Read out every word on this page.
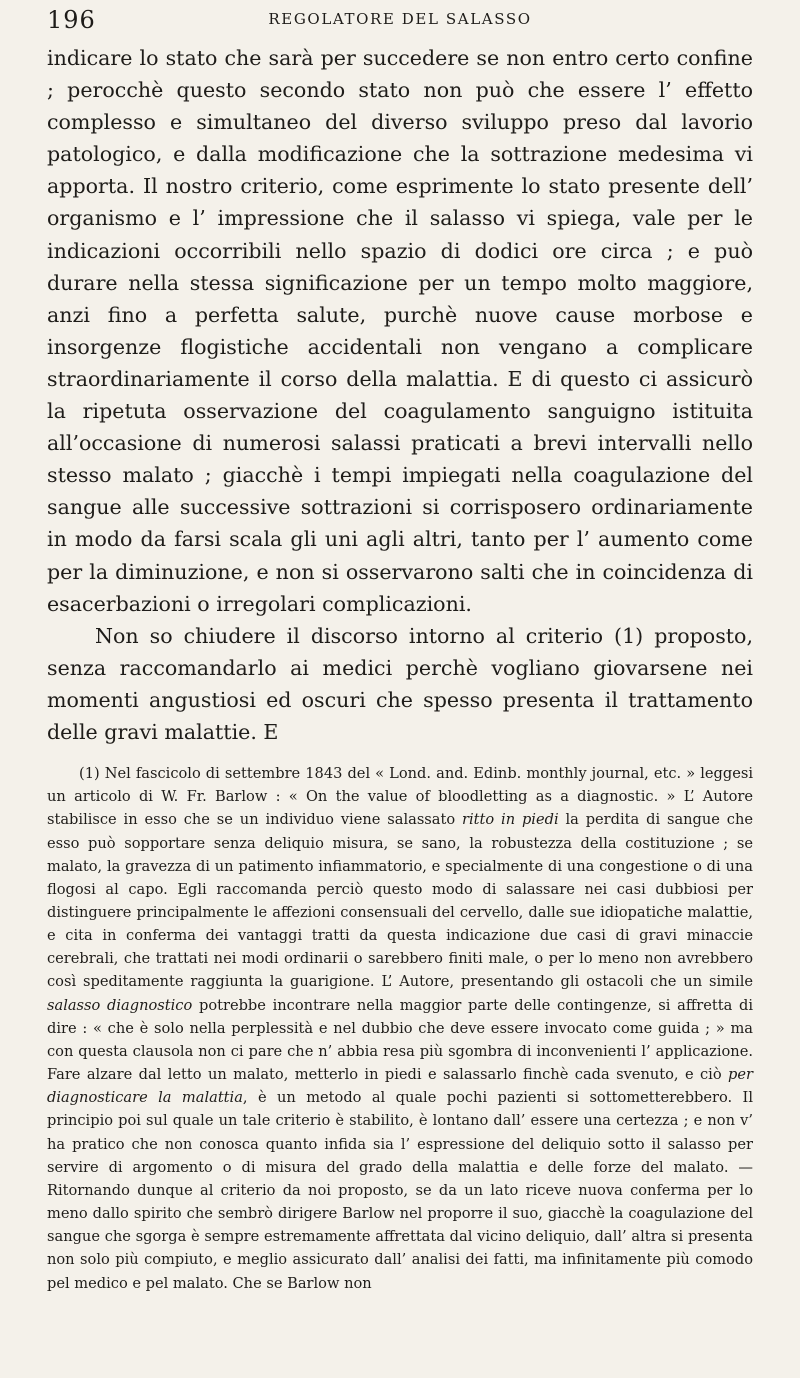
196	REGOLATORE DEL SALASSO

indicare lo stato che sarà per succedere se non entro certo confine ; perocchè questo secondo stato non può che essere l’ effetto complesso e simultaneo del diverso sviluppo preso dal lavorio patologico, e dalla modificazione che la sottrazione medesima vi apporta. Il nostro criterio, come esprimente lo stato presente dell’ organismo e l’ impressione che il salasso vi spiega, vale per le indicazioni occorribili nello spazio di dodici ore circa ; e può durare nella stessa significazione per un tempo molto maggiore, anzi fino a perfetta salute, purchè nuove cause morbose e insorgenze flogistiche accidentali non vengano a complicare straordinariamente il corso della malattia. E di questo ci assicurò la ripetuta osservazione del coagulamento sanguigno istituita all’occasione di numerosi salassi praticati a brevi intervalli nello stesso malato ; giacchè i tempi impiegati nella coagulazione del sangue alle successive sottrazioni si corrisposero ordinariamente in modo da farsi scala gli uni agli altri, tanto per l’ aumento come per la diminuzione, e non si osservarono salti che in coincidenza di esacerbazioni o irregolari complicazioni.

Non so chiudere il discorso intorno al criterio (1) proposto, senza raccomandarlo ai medici perchè vogliano giovarsene nei momenti angustiosi ed oscuri che spesso presenta il trattamento delle gravi malattie. E

(1) Nel fascicolo di settembre 1843 del « Lond. and. Edinb. monthly journal, etc. » leggesi un articolo di W. Fr. Barlow : « On the value of bloodletting as a diagnostic. » L’ Autore stabilisce in esso che se un individuo viene salassato ritto in piedi la perdita di sangue che esso può sopportare senza deliquio misura, se sano, la robustezza della costituzione ; se malato, la gravezza di un patimento infiammatorio, e specialmente di una congestione o di una flogosi al capo. Egli raccomanda perciò questo modo di salassare nei casi dubbiosi per distinguere principalmente le affezioni consensuali del cervello, dalle sue idiopatiche malattie, e cita in conferma dei vantaggi tratti da questa indicazione due casi di gravi minaccie cerebrali, che trattati nei modi ordinarii o sarebbero finiti male, o per lo meno non avrebbero così speditamente raggiunta la guarigione. L’ Autore, presentando gli ostacoli che un simile salasso diagnostico potrebbe incontrare nella maggior parte delle contingenze, si affretta di dire : « che è solo nella perplessità e nel dubbio che deve essere invocato come guida ; » ma con questa clausola non ci pare che n’ abbia resa più sgombra di inconvenienti l’ applicazione. Fare alzare dal letto un malato, metterlo in piedi e salassarlo finchè cada svenuto, e ciò per diagnosticare la malattia, è un metodo al quale pochi pazienti si sottometterebbero. Il principio poi sul quale un tale criterio è stabilito, è lontano dall’ essere una certezza ; e non v’ ha pratico che non conosca quanto infida sia l’ espressione del deliquio sotto il salasso per servire di argomento o di misura del grado della malattia e delle forze del malato. — Ritornando dunque al criterio da noi proposto, se da un lato riceve nuova conferma per lo meno dallo spirito che sembrò dirigere Barlow nel proporre il suo, giacchè la coagulazione del sangue che sgorga è sempre estremamente affrettata dal vicino deliquio, dall’ altra si presenta non solo più compiuto, e meglio assicurato dall’ analisi dei fatti, ma infinitamente più comodo pel medico e pel malato. Che se Barlow non
